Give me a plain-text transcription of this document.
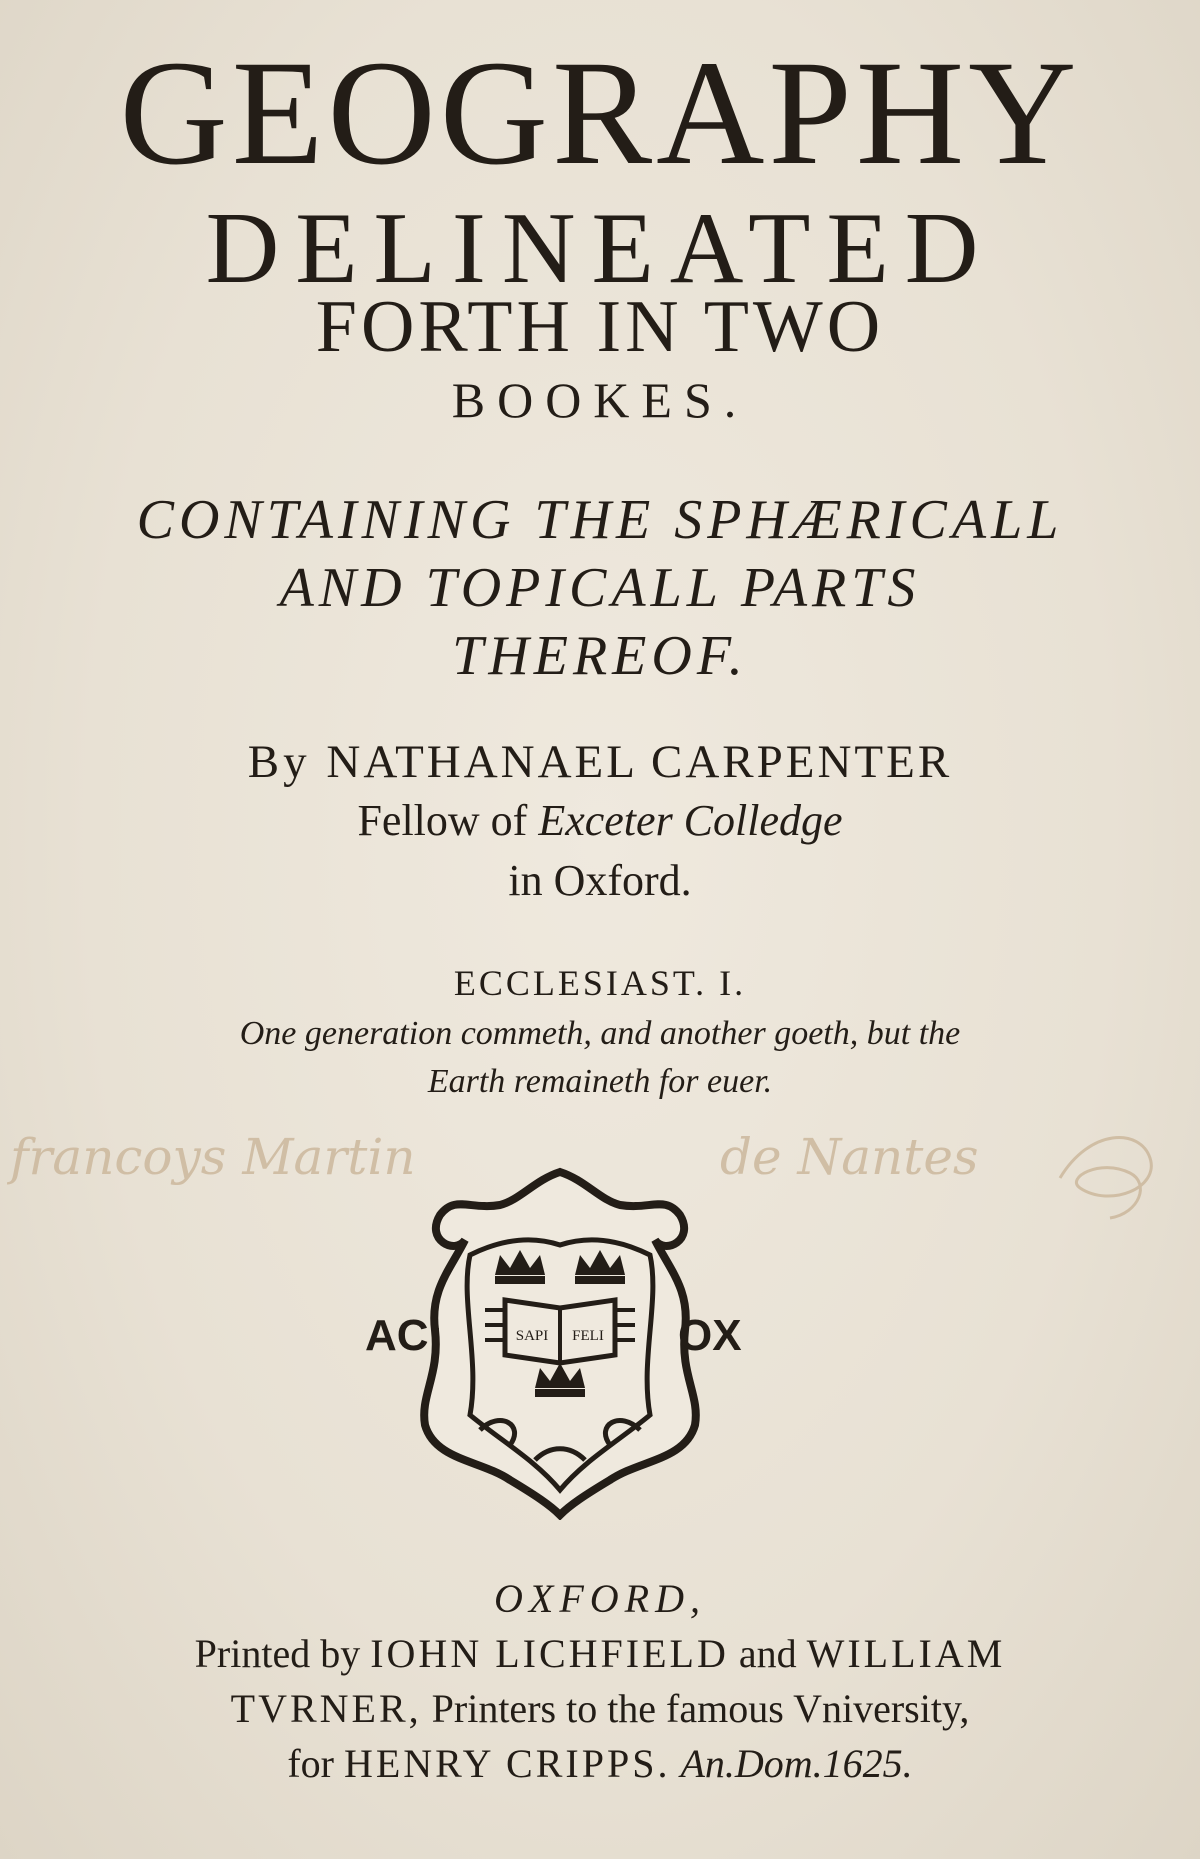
GEOGRAPHY
DELINEATED
FORTH IN TWO
BOOKES.
CONTAINING THE SPHÆRICALL
AND TOPICALL PARTS
THEREOF.
By NATHANAEL CARPENTER
Fellow of Exceter Colledge
in Oxford.
ECCLESIAST. I.
One generation commeth, and another goeth, but the
Earth remaineth for euer.
francoys Martin	de Nantes
SAPI FELI
AC:	OX
OXFORD,
Printed by IOHN LICHFIELD and WILLIAM
TVRNER, Printers to the famous Vniversity,
for HENRY CRIPPS. An.Dom.1625.
